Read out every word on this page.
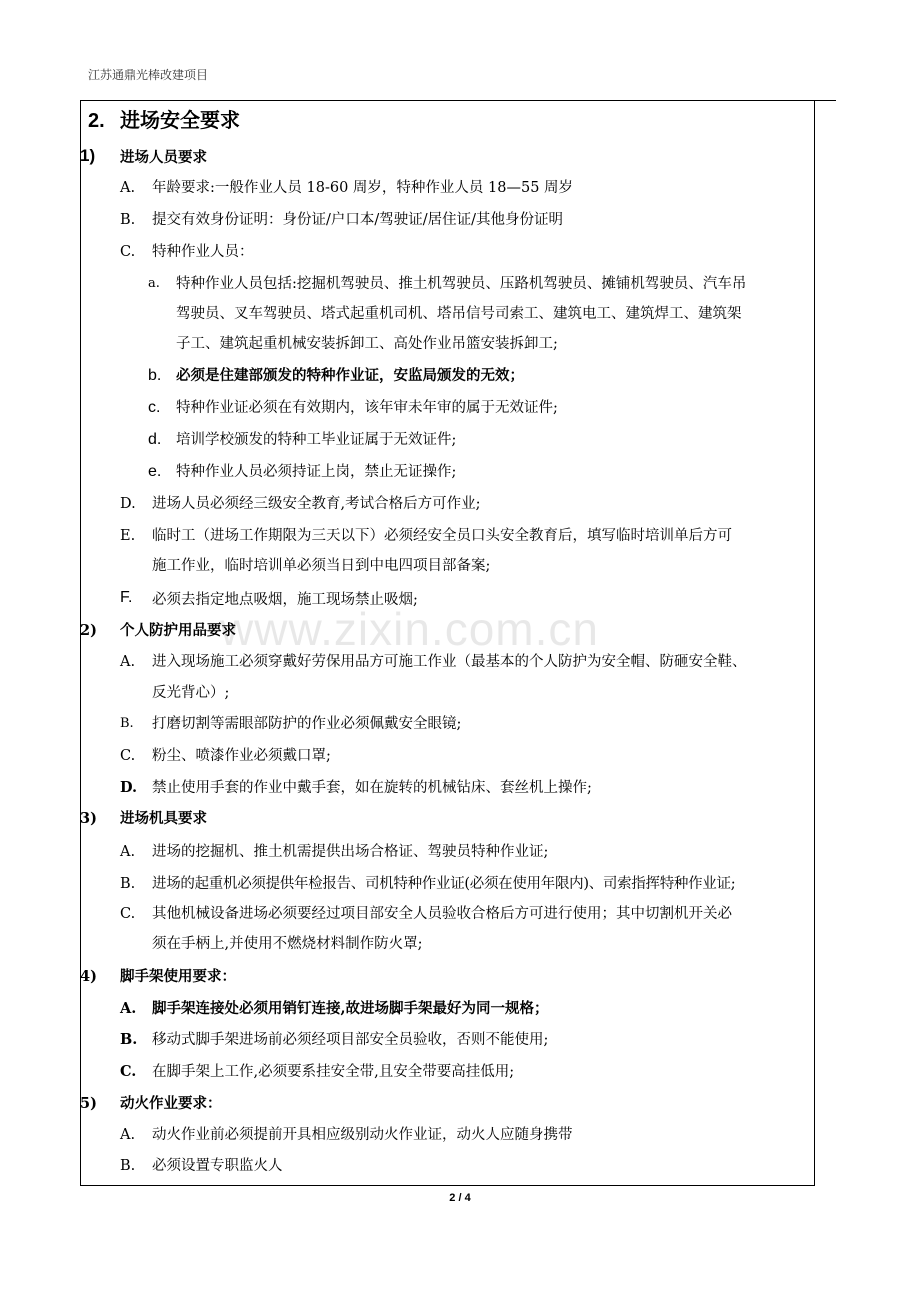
江苏通鼎光棒改建项目
www.zixin.com.cn
2. 进场安全要求
1) 进场人员要求
A. 年龄要求:一般作业人员 18-60 周岁，特种作业人员 18—55 周岁
B. 提交有效身份证明：身份证/户口本/驾驶证/居住证/其他身份证明
C. 特种作业人员：
a. 特种作业人员包括:挖掘机驾驶员、推土机驾驶员、压路机驾驶员、摊铺机驾驶员、汽车吊
驾驶员、叉车驾驶员、塔式起重机司机、塔吊信号司索工、建筑电工、建筑焊工、建筑架
子工、建筑起重机械安装拆卸工、高处作业吊篮安装拆卸工;
b. 必须是住建部颁发的特种作业证，安监局颁发的无效；
c. 特种作业证必须在有效期内，该年审未年审的属于无效证件;
d. 培训学校颁发的特种工毕业证属于无效证件;
e. 特种作业人员必须持证上岗，禁止无证操作;
D. 进场人员必须经三级安全教育,考试合格后方可作业;
E. 临时工（进场工作期限为三天以下）必须经安全员口头安全教育后，填写临时培训单后方可
施工作业，临时培训单必须当日到中电四项目部备案;
F. 必须去指定地点吸烟，施工现场禁止吸烟;
2) 个人防护用品要求
A. 进入现场施工必须穿戴好劳保用品方可施工作业（最基本的个人防护为安全帽、防砸安全鞋、
反光背心）;
B. 打磨切割等需眼部防护的作业必须佩戴安全眼镜;
C. 粉尘、喷漆作业必须戴口罩;
D. 禁止使用手套的作业中戴手套，如在旋转的机械钻床、套丝机上操作;
3) 进场机具要求
A. 进场的挖掘机、推土机需提供出场合格证、驾驶员特种作业证;
B. 进场的起重机必须提供年检报告、司机特种作业证(必须在使用年限内)、司索指挥特种作业证;
C. 其他机械设备进场必须要经过项目部安全人员验收合格后方可进行使用；其中切割机开关必
须在手柄上,并使用不燃烧材料制作防火罩;
4) 脚手架使用要求：
A. 脚手架连接处必须用销钉连接,故进场脚手架最好为同一规格；
B. 移动式脚手架进场前必须经项目部安全员验收，否则不能使用;
C. 在脚手架上工作,必须要系挂安全带,且安全带要高挂低用;
5) 动火作业要求：
A. 动火作业前必须提前开具相应级别动火作业证，动火人应随身携带
B. 必须设置专职监火人
2 / 4
